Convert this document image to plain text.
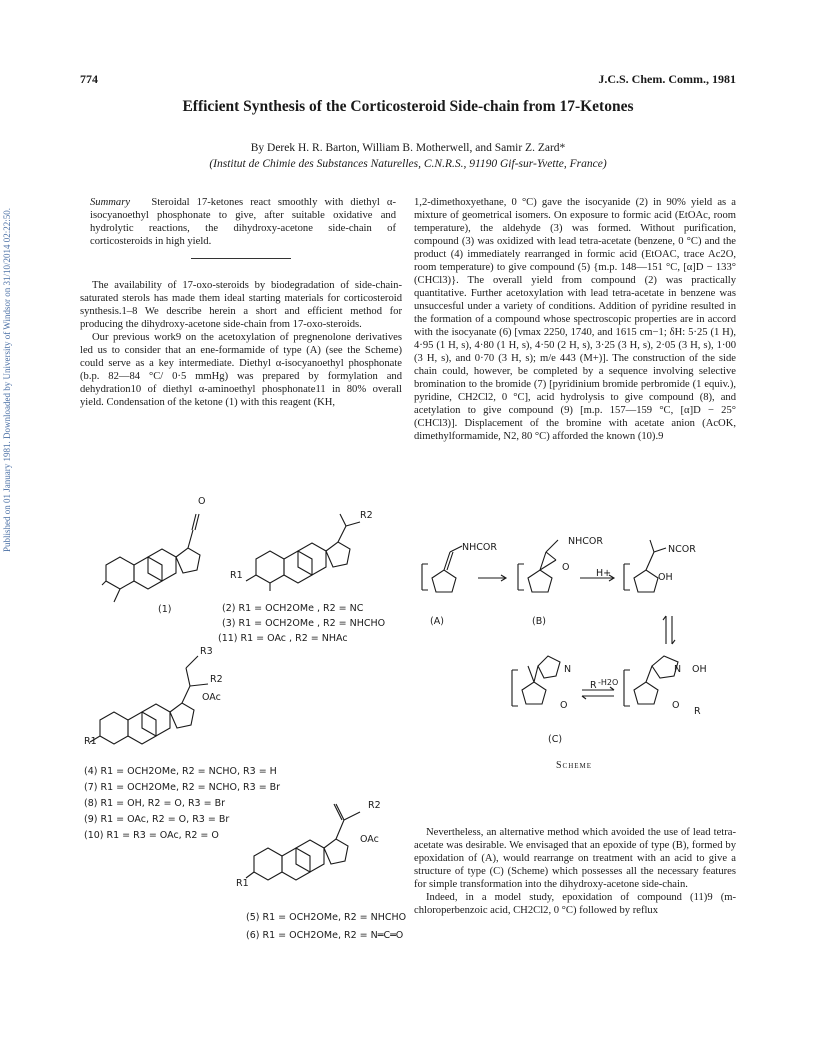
Published on 01 January 1981. Downloaded by University of Windsor on 31/10/2014 02:22:50.
774	J.C.S. Chem. Comm., 1981
Efficient Synthesis of the Corticosteroid Side-chain from 17-Ketones
By Derek H. R. Barton, William B. Motherwell, and Samir Z. Zard*
(Institut de Chimie des Substances Naturelles, C.N.R.S., 91190 Gif-sur-Yvette, France)

Summary Steroidal 17-ketones react smoothly with diethyl α-isocyanoethyl phosphonate to give, after suitable oxidative and hydrolytic reactions, the dihydroxy-acetone side-chain of corticosteroids in high yield.

The availability of 17-oxo-steroids by biodegradation of side-chain-saturated sterols has made them ideal starting materials for corticosteroid synthesis.1–8 We describe herein a short and efficient method for producing the dihydroxy-acetone side-chain from 17-oxo-steroids.

Our previous work9 on the acetoxylation of pregnenolone derivatives led us to consider that an ene-formamide of type (A) (see the Scheme) could serve as a key intermediate. Diethyl α-isocyanoethyl phosphonate (b.p. 82—84 °C/ 0·5 mmHg) was prepared by formylation and dehydration10 of diethyl α-aminoethyl phosphonate11 in 80% overall yield. Condensation of the ketone (1) with this reagent (KH,

1,2-dimethoxyethane, 0 °C) gave the isocyanide (2) in 90% yield as a mixture of geometrical isomers. On exposure to formic acid (EtOAc, room temperature), the aldehyde (3) was formed. Without purification, compound (3) was oxidized with lead tetra-acetate (benzene, 0 °C) and the product (4) immediately rearranged in formic acid (EtOAC, trace Ac2O, room temperature) to give compound (5) {m.p. 148—151 °C, [α]D − 133° (CHCl3)}. The overall yield from compound (2) was practically quantitative. Further acetoxylation with lead tetra-acetate in benzene was unsuccesful under a variety of conditions. Addition of pyridine resulted in the formation of a compound whose spectroscopic properties are in accord with the isocyanate (6) [νmax 2250, 1740, and 1615 cm−1; δH: 5·25 (1 H), 4·95 (1 H, s), 4·80 (1 H, s), 4·50 (2 H, s), 3·25 (3 H, s), 2·05 (3 H, s), 1·00 (3 H, s), and 0·70 (3 H, s); m/e 443 (M+)]. The construction of the side chain could, however, be completed by a sequence involving selective bromination to the bromide (7) [pyridinium bromide perbromide (1 equiv.), pyridine, CH2Cl2, 0 °C], acid hydrolysis to give compound (8), and acetylation to give compound (9) [m.p. 157—159 °C, [α]D − 25° (CHCl3)]. Displacement of the bromine with acetate anion (AcOK, dimethylformamide, N2, 80 °C) afforded the known (10).9

O
(1)
R2
R1
(2) R1 = OCH2OMe , R2 = NC
(3) R1 = OCH2OMe , R2 = NHCHO
(11) R1 = OAc , R2 = NHAc
R3
R2
OAc
R1
(4) R1 = OCH2OMe, R2 = NCHO, R3 = H
(7) R1 = OCH2OMe, R2 = NCHO, R3 = Br
(8) R1 = OH, R2 = O, R3 = Br
(9) R1 = OAc, R2 = O, R3 = Br
(10) R1 = R3 = OAc, R2 = O
R2
OAc
R1
(5) R1 = OCH2OMe, R2 = NHCHO
(6) R1 = OCH2OMe, R2 = N═C═O
NHCOR
NHCOR
O
H+
NCOR
OH
(A)	(B)
N
R
O
-H2O
N OH
O
R
(C)
Scheme

Nevertheless, an alternative method which avoided the use of lead tetra-acetate was desirable. We envisaged that an epoxide of type (B), formed by epoxidation of (A), would rearrange on treatment with an acid to give a structure of type (C) (Scheme) which possesses all the necessary features for simple transformation into the dihydroxy-acetone side-chain.

Indeed, in a model study, epoxidation of compound (11)9 (m-chloroperbenzoic acid, CH2Cl2, 0 °C) followed by reflux
